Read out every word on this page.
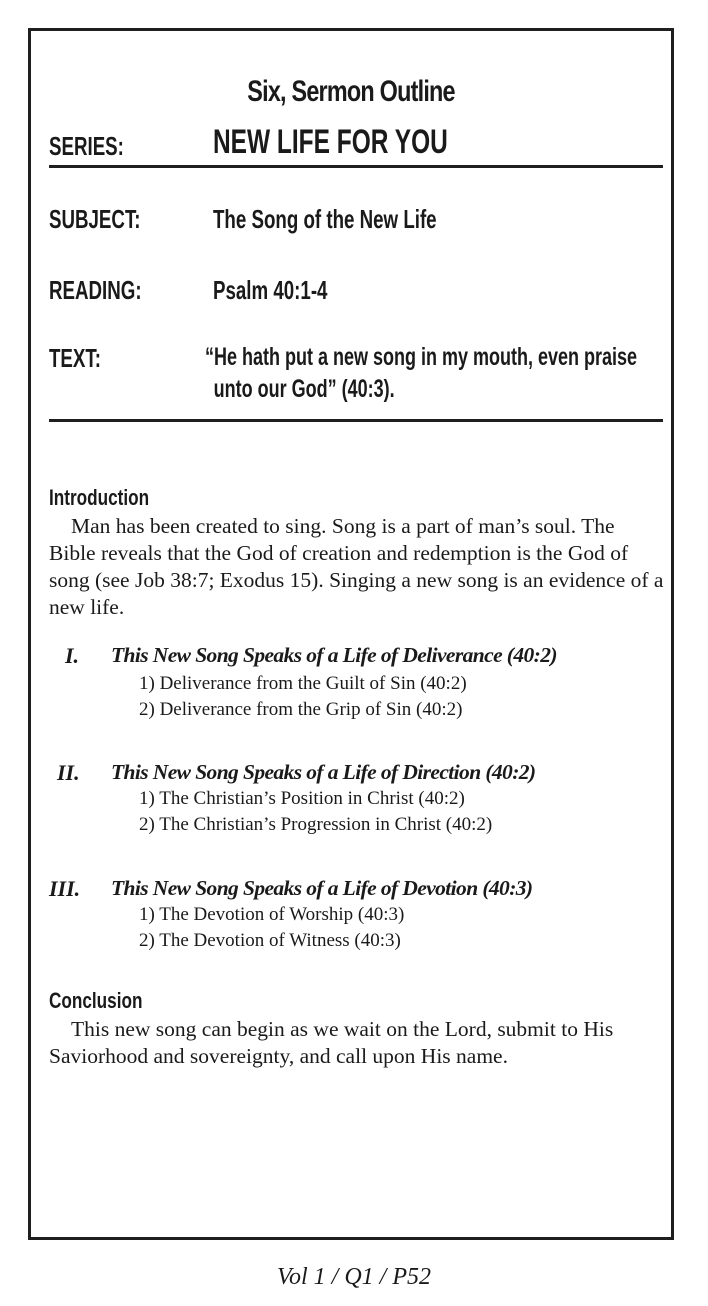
Six, Sermon Outline
SERIES:	NEW LIFE FOR YOU
SUBJECT:	The Song of the New Life
READING:	Psalm 40:1-4
TEXT:	“He hath put a new song in my mouth, even praise
unto our God” (40:3).
Introduction
Man has been created to sing. Song is a part of man’s soul. The Bible reveals that the God of creation and redemption is the God of song (see Job 38:7; Exodus 15). Singing a new song is an evidence of a new life.
I. This New Song Speaks of a Life of Deliverance (40:2)
1) Deliverance from the Guilt of Sin (40:2)
2) Deliverance from the Grip of Sin (40:2)
II. This New Song Speaks of a Life of Direction (40:2)
1) The Christian’s Position in Christ (40:2)
2) The Christian’s Progression in Christ (40:2)
III. This New Song Speaks of a Life of Devotion (40:3)
1) The Devotion of Worship (40:3)
2) The Devotion of Witness (40:3)
Conclusion
This new song can begin as we wait on the Lord, submit to His Saviorhood and sovereignty, and call upon His name.
Vol 1 / Q1 / P52
